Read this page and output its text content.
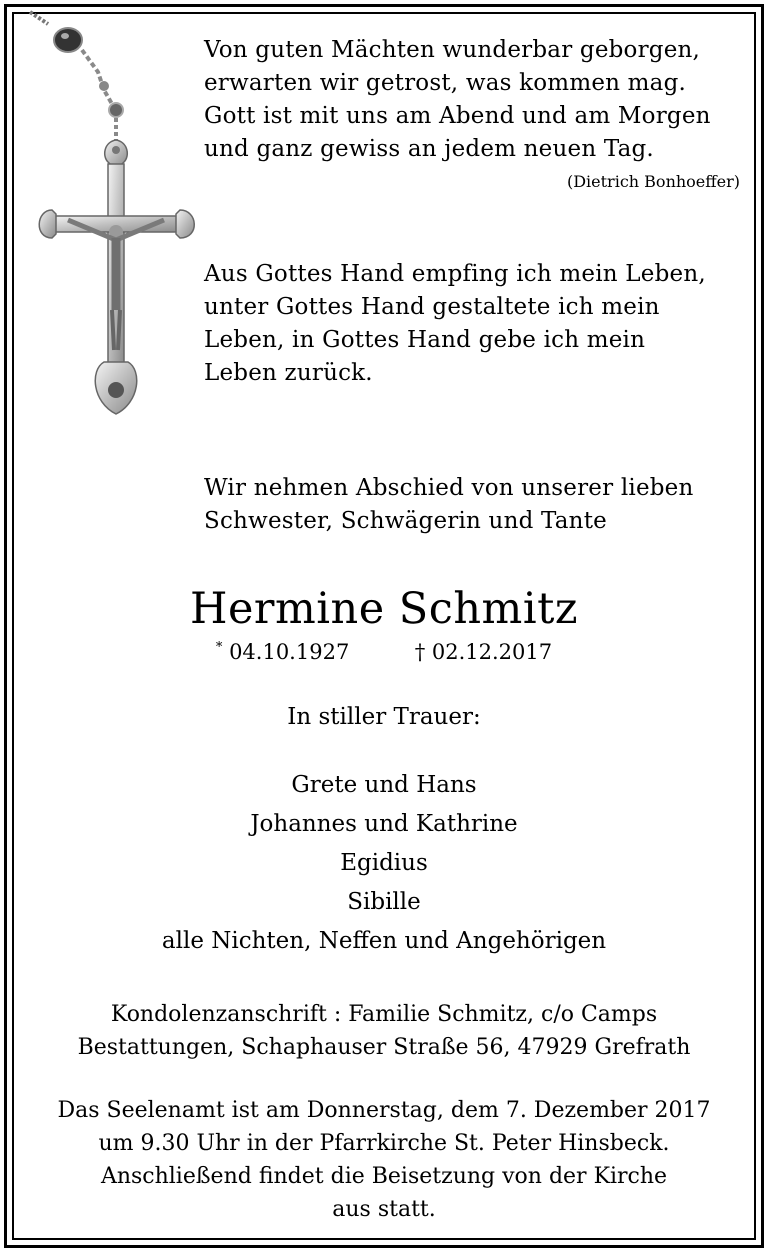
Von guten Mächten wunderbar geborgen,
erwarten wir getrost, was kommen mag.
Gott ist mit uns am Abend und am Morgen
und ganz gewiss an jedem neuen Tag.
(Dietrich Bonhoeffer)
Aus Gottes Hand empfing ich mein Leben,
unter Gottes Hand gestaltete ich mein
Leben, in Gottes Hand gebe ich mein
Leben zurück.
Wir nehmen Abschied von unserer lieben
Schwester, Schwägerin und Tante
Hermine Schmitz
* 04.10.1927	† 02.12.2017
In stiller Trauer:
Grete und Hans
Johannes und Kathrine
Egidius
Sibille
alle Nichten, Neffen und Angehörigen
Kondolenzanschrift : Familie Schmitz, c/o Camps
Bestattungen, Schaphauser Straße 56, 47929 Grefrath
Das Seelenamt ist am Donnerstag, dem 7. Dezember 2017
um 9.30 Uhr in der Pfarrkirche St. Peter Hinsbeck.
Anschließend findet die Beisetzung von der Kirche
aus statt.
